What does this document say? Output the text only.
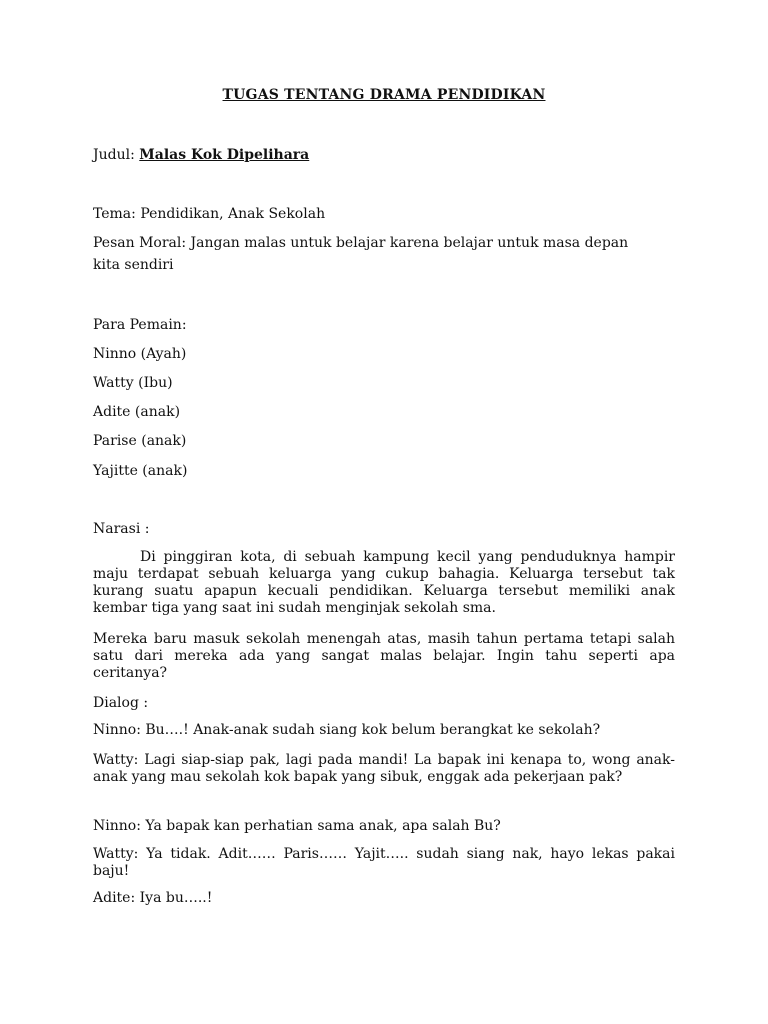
TUGAS TENTANG DRAMA PENDIDIKAN
Judul: Malas Kok Dipelihara
Tema: Pendidikan, Anak Sekolah
Pesan Moral: Jangan malas untuk belajar karena belajar untuk masa depan
kita sendiri
Para Pemain:
Ninno (Ayah)
Watty (Ibu)
Adite (anak)
Parise (anak)
Yajitte (anak)
Narasi :
Di pinggiran kota, di sebuah kampung kecil yang penduduknya hampir maju terdapat sebuah keluarga yang cukup bahagia. Keluarga tersebut tak kurang suatu apapun kecuali pendidikan. Keluarga tersebut memiliki anak kembar tiga yang saat ini sudah menginjak sekolah sma.
Mereka baru masuk sekolah menengah atas, masih tahun pertama tetapi salah satu dari mereka ada yang sangat malas belajar. Ingin tahu seperti apa ceritanya?
Dialog :
Ninno: Bu….! Anak-anak sudah siang kok belum berangkat ke sekolah?
Watty: Lagi siap-siap pak, lagi pada mandi! La bapak ini kenapa to, wong anak-anak yang mau sekolah kok bapak yang sibuk, enggak ada pekerjaan pak?
Ninno: Ya bapak kan perhatian sama anak, apa salah Bu?
Watty: Ya tidak. Adit…… Paris…… Yajit….. sudah siang nak, hayo lekas pakai baju!
Adite: Iya bu…..!
